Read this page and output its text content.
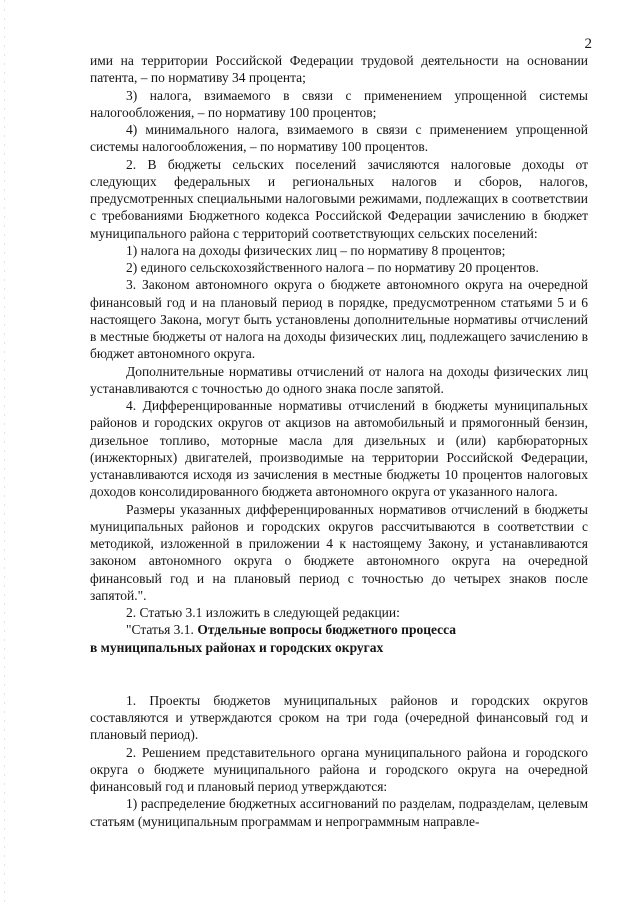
2

ими на территории Российской Федерации трудовой деятельности на основании патента, – по нормативу 34 процента;

3) налога, взимаемого в связи с применением упрощенной системы налогообложения, – по нормативу 100 процентов;

4) минимального налога, взимаемого в связи с применением упрощенной системы налогообложения, – по нормативу 100 процентов.

2. В бюджеты сельских поселений зачисляются налоговые доходы от следующих федеральных и региональных налогов и сборов, налогов, предусмотренных специальными налоговыми режимами, подлежащих в соответствии с требованиями Бюджетного кодекса Российской Федерации зачислению в бюджет муниципального района с территорий соответствующих сельских поселений:

1) налога на доходы физических лиц – по нормативу 8 процентов;

2) единого сельскохозяйственного налога – по нормативу 20 процентов.

3. Законом автономного округа о бюджете автономного округа на очередной финансовый год и на плановый период в порядке, предусмотренном статьями 5 и 6 настоящего Закона, могут быть установлены дополнительные нормативы отчислений в местные бюджеты от налога на доходы физических лиц, подлежащего зачислению в бюджет автономного округа.

Дополнительные нормативы отчислений от налога на доходы физических лиц устанавливаются с точностью до одного знака после запятой.

4. Дифференцированные нормативы отчислений в бюджеты муниципальных районов и городских округов от акцизов на автомобильный и прямогонный бензин, дизельное топливо, моторные масла для дизельных и (или) карбюраторных (инжекторных) двигателей, производимые на территории Российской Федерации, устанавливаются исходя из зачисления в местные бюджеты 10 процентов налоговых доходов консолидированного бюджета автономного округа от указанного налога.

Размеры указанных дифференцированных нормативов отчислений в бюджеты муниципальных районов и городских округов рассчитываются в соответствии с методикой, изложенной в приложении 4 к настоящему Закону, и устанавливаются законом автономного округа о бюджете автономного округа на очередной финансовый год и на плановый период с точностью до четырех знаков после запятой.".

2. Статью 3.1 изложить в следующей редакции:

"Статья 3.1. Отдельные вопросы бюджетного процесса

в муниципальных районах и городских округах

1. Проекты бюджетов муниципальных районов и городских округов составляются и утверждаются сроком на три года (очередной финансовый год и плановый период).

2. Решением представительного органа муниципального района и городского округа о бюджете муниципального района и городского округа на очередной финансовый год и плановый период утверждаются:

1) распределение бюджетных ассигнований по разделам, подразделам, целевым статьям (муниципальным программам и непрограммным направле-
